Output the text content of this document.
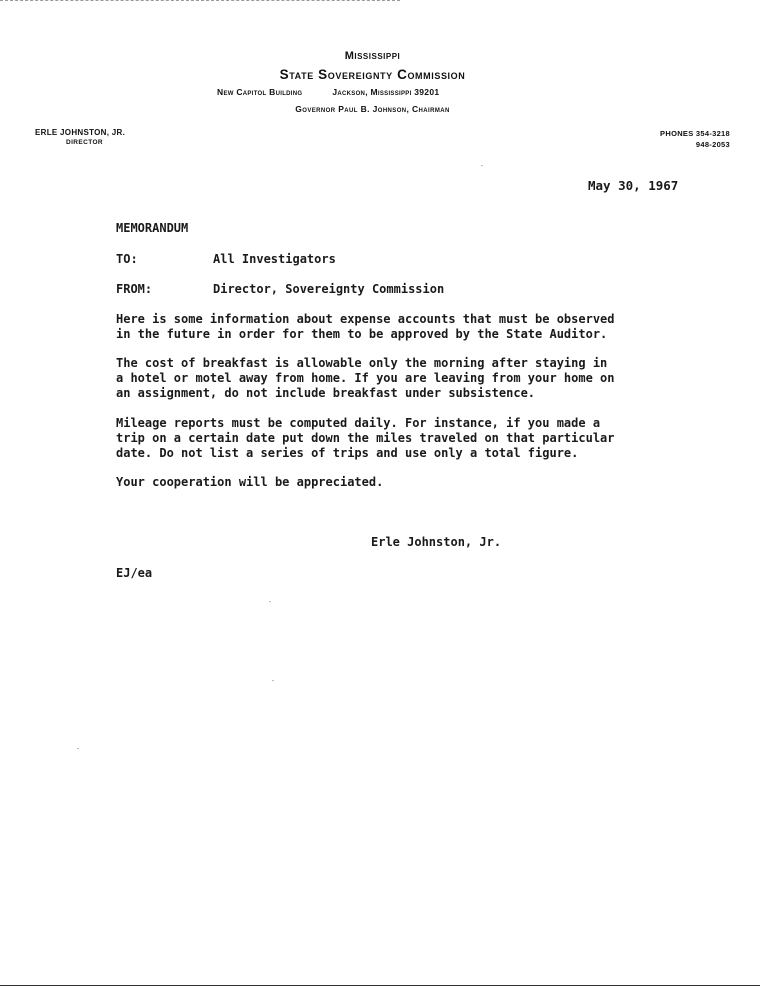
Mississippi
State Sovereignty Commission
New Capitol Building	Jackson, Mississippi 39201
Governor Paul B. Johnson, Chairman
ERLE JOHNSTON, JR.
DIRECTOR
PHONES 354-3218
948-2053
May 30, 1967
MEMORANDUM
TO:	All Investigators
FROM:	Director, Sovereignty Commission
Here is some information about expense accounts that must be observed
in the future in order for them to be approved by the State Auditor.
The cost of breakfast is allowable only the morning after staying in
a hotel or motel away from home. If you are leaving from your home on
an assignment, do not include breakfast under subsistence.
Mileage reports must be computed daily. For instance, if you made a
trip on a certain date put down the miles traveled on that particular
date. Do not list a series of trips and use only a total figure.
Your cooperation will be appreciated.
Erle Johnston, Jr.
EJ/ea
